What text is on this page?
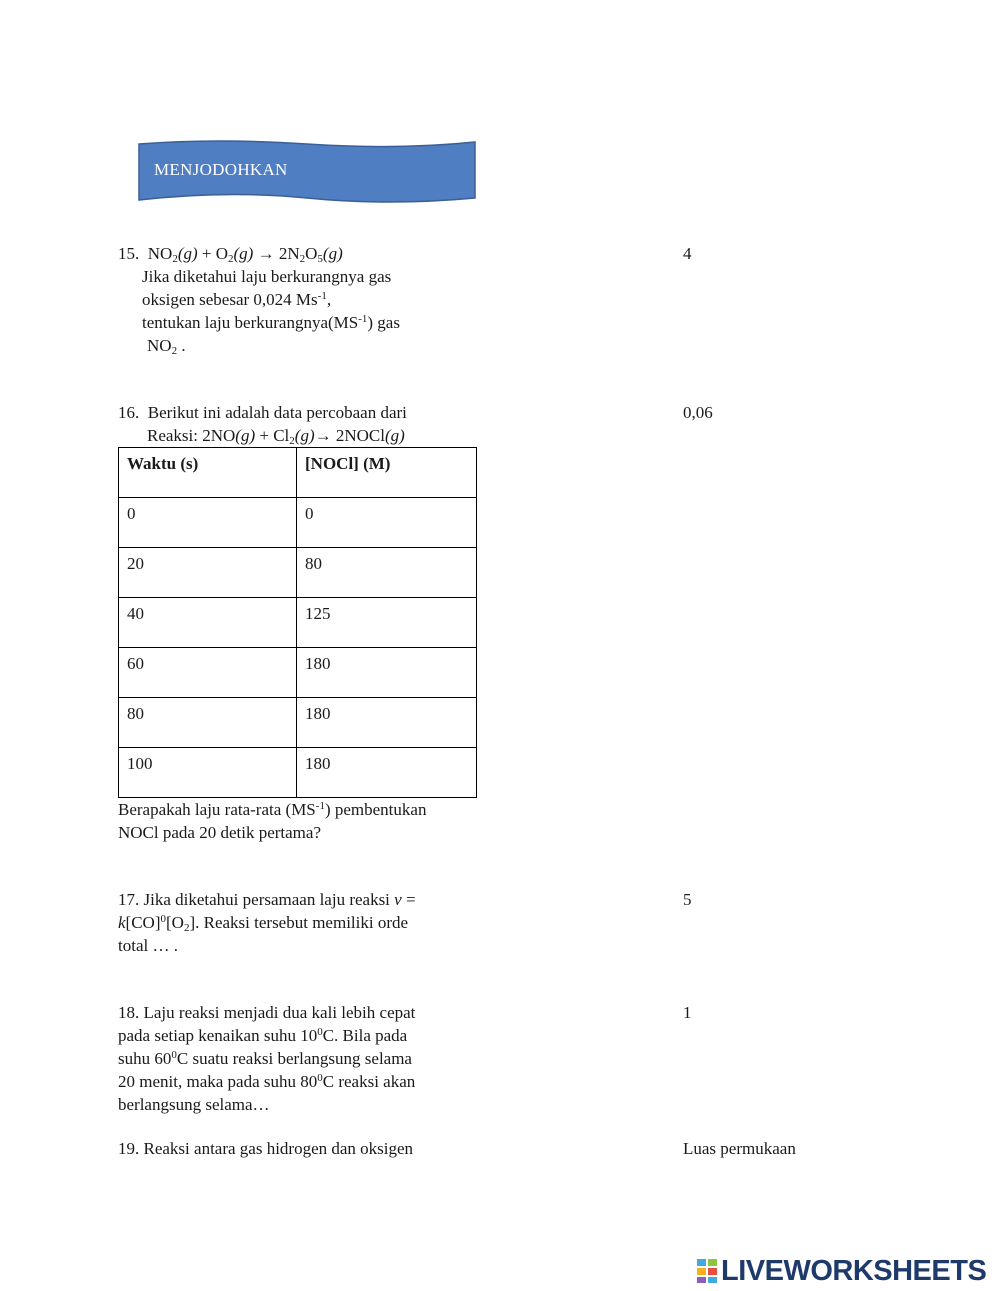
MENJODOHKAN
15. $NO_2(g) + O_2(g) \to 2N_2O_5(g)$
Jika diketahui laju berkurangnya gas
oksigen sebesar 0,024 $Ms^{-1}$,
tentukan laju $berkurangnya(MS^{-1})$ gas
$NO_2$ .
4
16. Berikut ini adalah data percobaan dari
Reaksi: $2NO(g) + Cl_2(g)\to$ 2NOCl(g)
0,06
Waktu (s)	[NOCl] (M)
0	0
20	80
40	125
60	180
80	180
100	180
Berapakah laju rata-rata $(MS^{-1})$ pembentukan
NOCl pada 20 detik pertama?
17. Jika diketahui persamaan laju reaksi v =
$k[CO]^0[O_2]$. Reaksi tersebut memiliki orde
total … .
5
18. Laju reaksi menjadi dua kali lebih cepat
pada setiap kenaikan suhu $10^0C$. Bila pada
suhu $60^0C$ suatu reaksi berlangsung selama
20 menit, maka pada suhu $80^0C$ reaksi akan
berlangsung selama…
1
19. Reaksi antara gas hidrogen dan oksigen	Luas permukaan
LIVEWORKSHEETS
